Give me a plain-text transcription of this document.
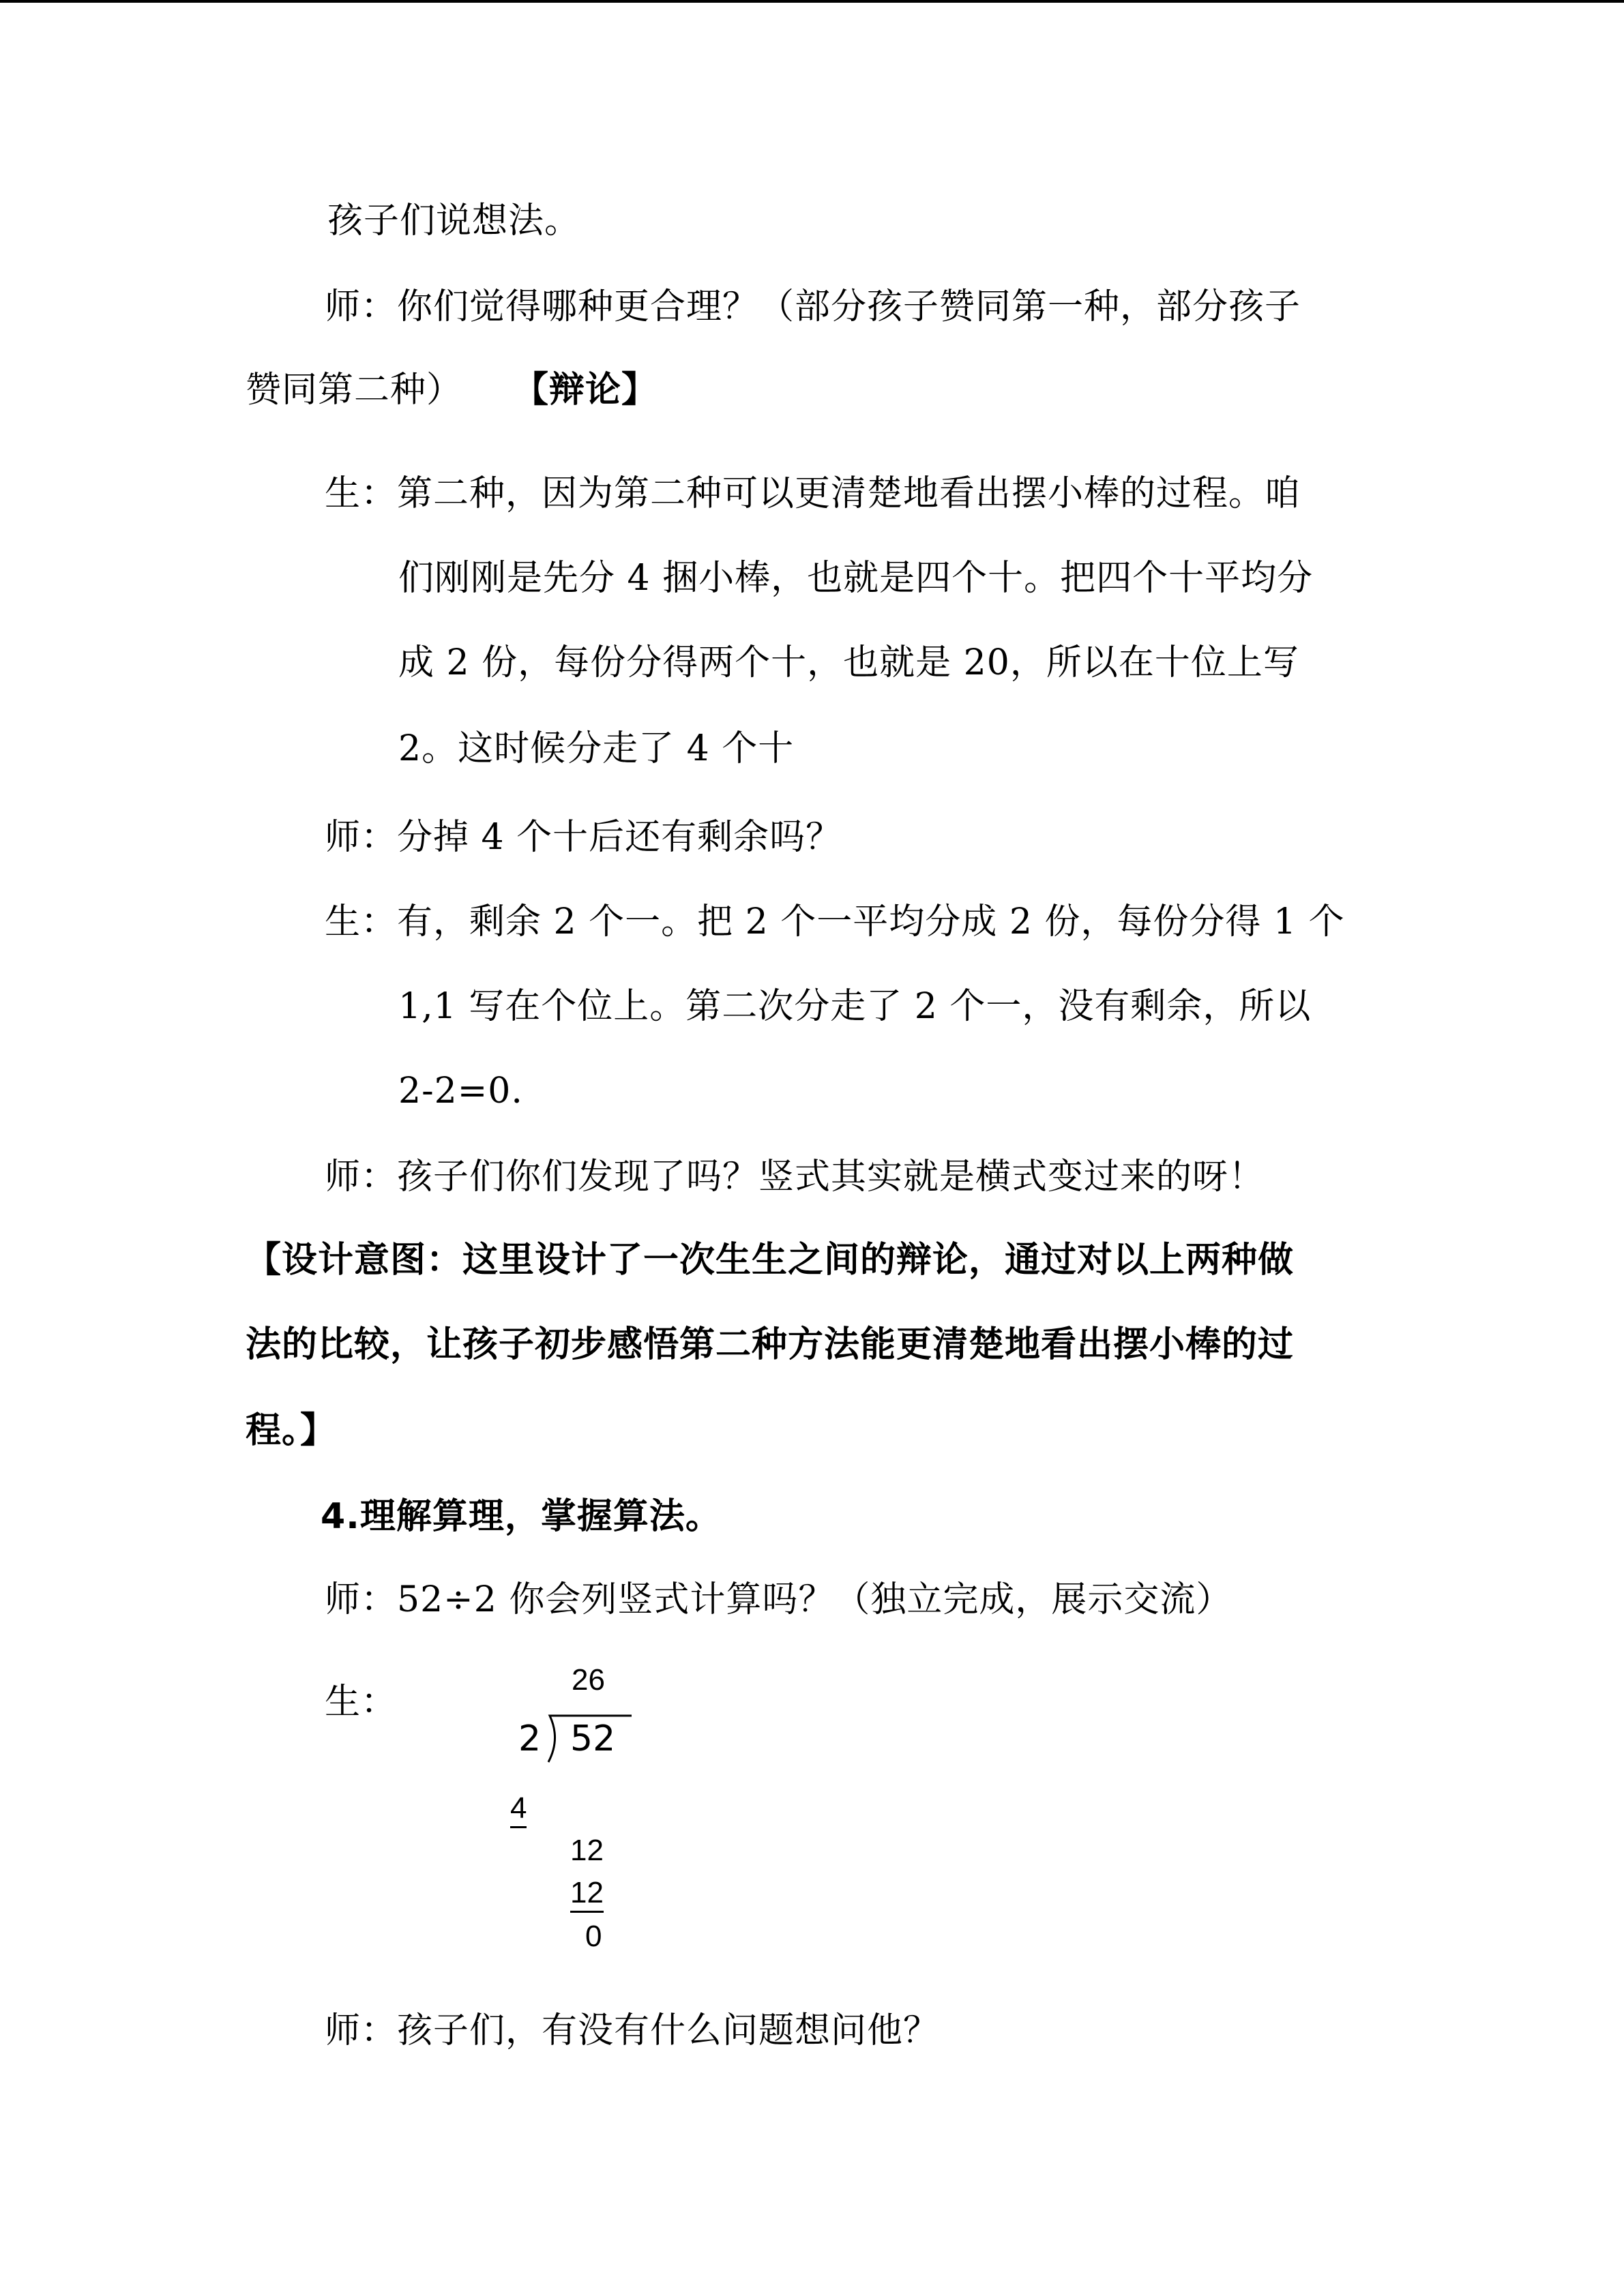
孩子们说想法。
师：你们觉得哪种更合理？（部分孩子赞同第一种，部分孩子
赞同第二种） 【辩论】
生：第二种，因为第二种可以更清楚地看出摆小棒的过程。咱
们刚刚是先分 4 捆小棒，也就是四个十。把四个十平均分
成 2 份，每份分得两个十，也就是 20，所以在十位上写
2。这时候分走了 4 个十
师：分掉 4 个十后还有剩余吗？
生：有，剩余 2 个一。把 2 个一平均分成 2 份，每份分得 1 个
1,1 写在个位上。第二次分走了 2 个一，没有剩余，所以
2-2=0.
师：孩子们你们发现了吗？竖式其实就是横式变过来的呀！
【设计意图：这里设计了一次生生之间的辩论，通过对以上两种做
法的比较，让孩子初步感悟第二种方法能更清楚地看出摆小棒的过
程。】
4.理解算理，掌握算法。
师：52÷2 你会列竖式计算吗？（独立完成，展示交流）
生：
26
2 52
4
12
12
0
师：孩子们，有没有什么问题想问他？
